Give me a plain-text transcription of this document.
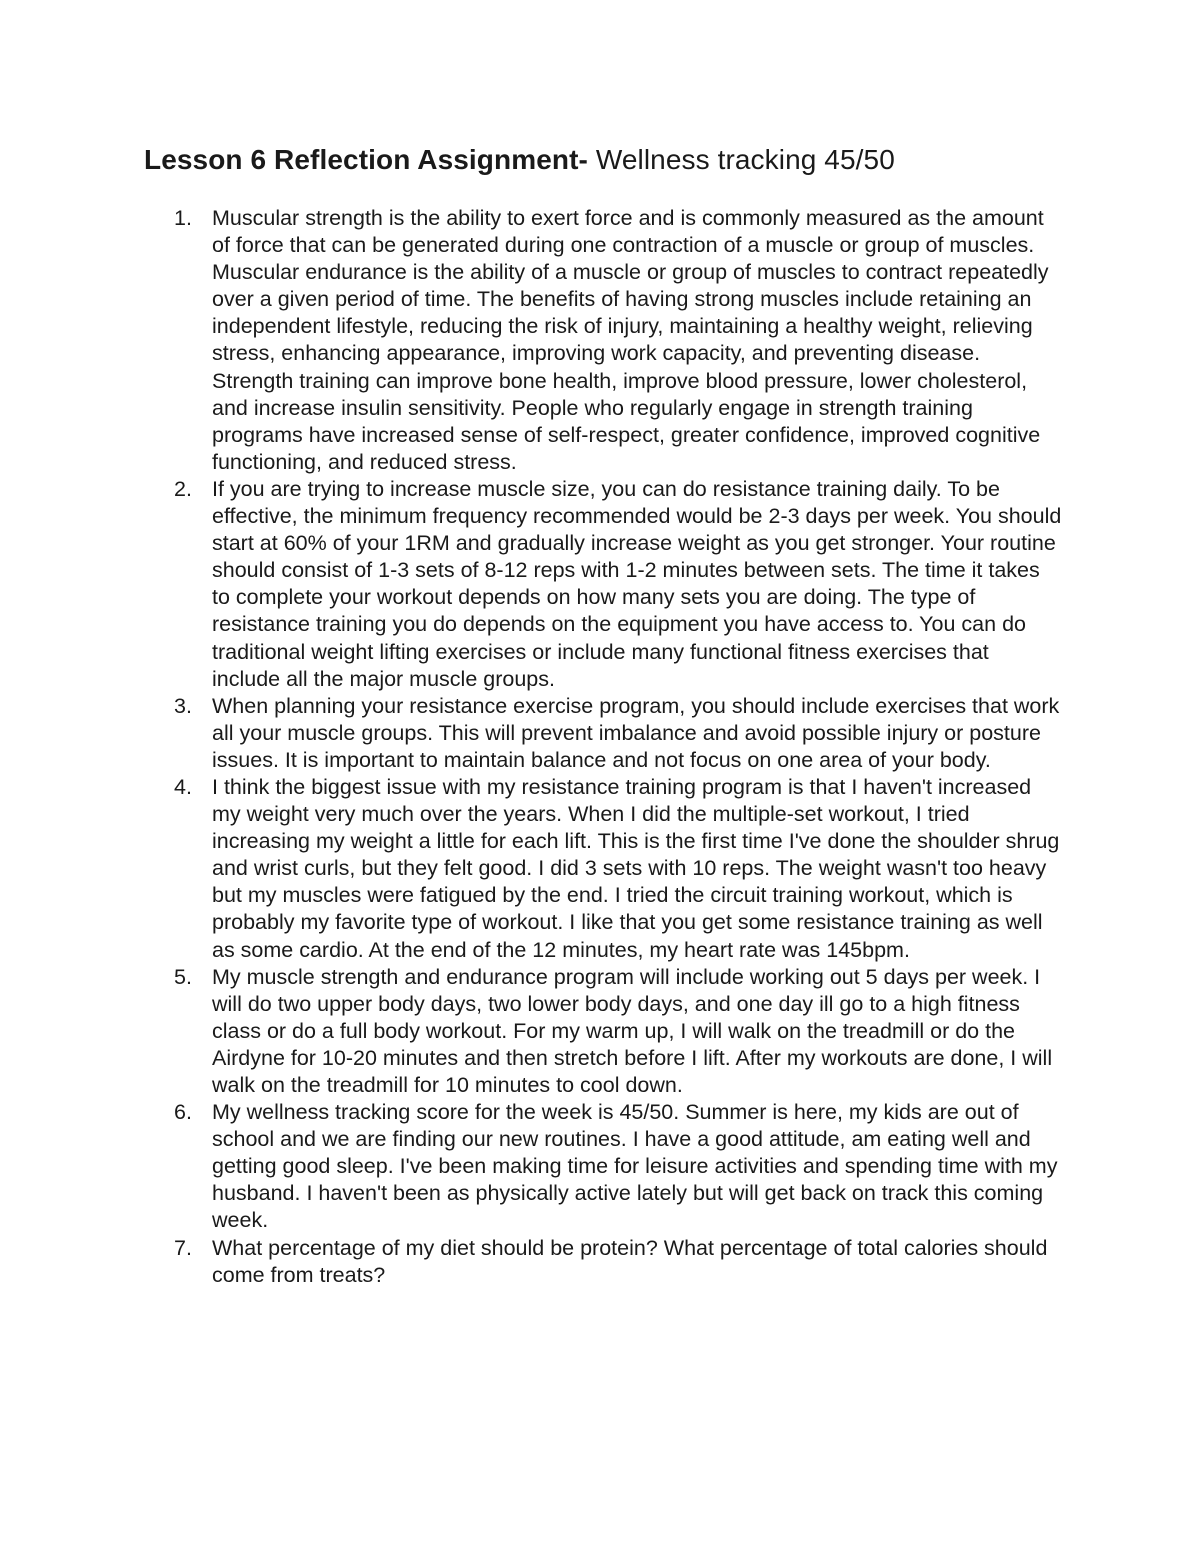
Lesson 6 Reflection Assignment- Wellness tracking 45/50
1. Muscular strength is the ability to exert force and is commonly measured as the amount of force that can be generated during one contraction of a muscle or group of muscles. Muscular endurance is the ability of a muscle or group of muscles to contract repeatedly over a given period of time. The benefits of having strong muscles include retaining an independent lifestyle, reducing the risk of injury, maintaining a healthy weight, relieving stress, enhancing appearance, improving work capacity, and preventing disease. Strength training can improve bone health, improve blood pressure, lower cholesterol, and increase insulin sensitivity. People who regularly engage in strength training programs have increased sense of self-respect, greater confidence, improved cognitive functioning, and reduced stress.
2. If you are trying to increase muscle size, you can do resistance training daily. To be effective, the minimum frequency recommended would be 2-3 days per week. You should start at 60% of your 1RM and gradually increase weight as you get stronger. Your routine should consist of 1-3 sets of 8-12 reps with 1-2 minutes between sets. The time it takes to complete your workout depends on how many sets you are doing. The type of resistance training you do depends on the equipment you have access to. You can do traditional weight lifting exercises or include many functional fitness exercises that include all the major muscle groups.
3. When planning your resistance exercise program, you should include exercises that work all your muscle groups. This will prevent imbalance and avoid possible injury or posture issues. It is important to maintain balance and not focus on one area of your body.
4. I think the biggest issue with my resistance training program is that I haven't increased my weight very much over the years. When I did the multiple-set workout, I tried increasing my weight a little for each lift. This is the first time I've done the shoulder shrug and wrist curls, but they felt good. I did 3 sets with 10 reps. The weight wasn't too heavy but my muscles were fatigued by the end. I tried the circuit training workout, which is probably my favorite type of workout. I like that you get some resistance training as well as some cardio. At the end of the 12 minutes, my heart rate was 145bpm.
5. My muscle strength and endurance program will include working out 5 days per week. I will do two upper body days, two lower body days, and one day ill go to a high fitness class or do a full body workout. For my warm up, I will walk on the treadmill or do the Airdyne for 10-20 minutes and then stretch before I lift. After my workouts are done, I will walk on the treadmill for 10 minutes to cool down.
6. My wellness tracking score for the week is 45/50. Summer is here, my kids are out of school and we are finding our new routines. I have a good attitude, am eating well and getting good sleep. I've been making time for leisure activities and spending time with my husband. I haven't been as physically active lately but will get back on track this coming week.
7. What percentage of my diet should be protein? What percentage of total calories should come from treats?
